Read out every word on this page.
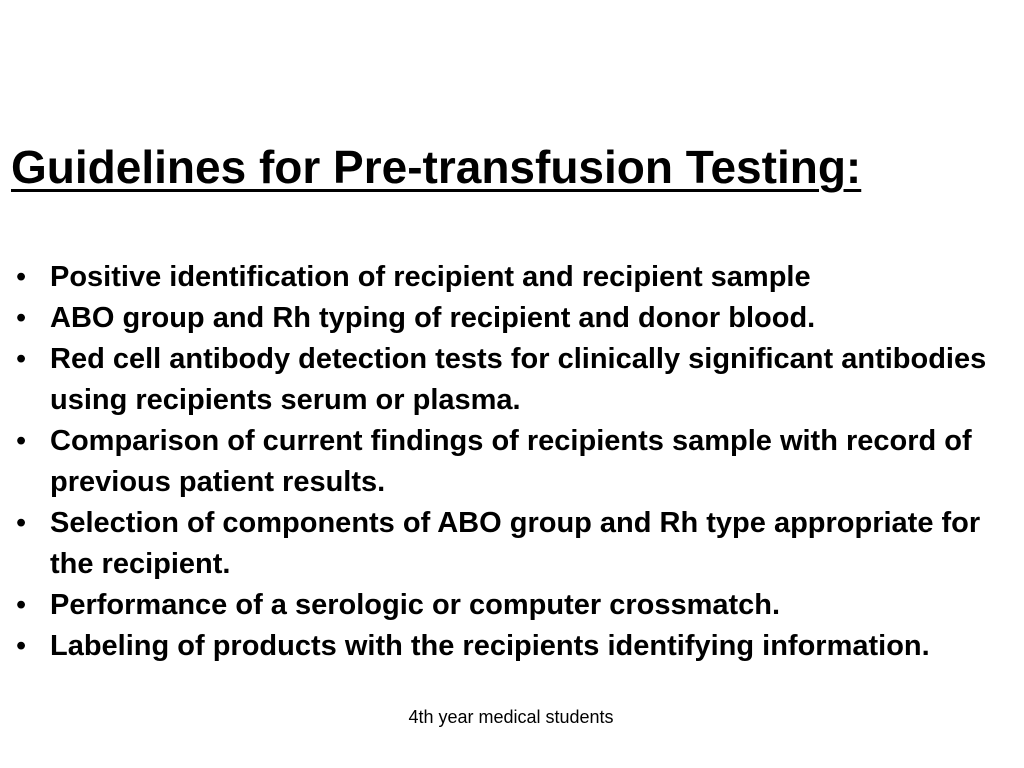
Guidelines for Pre-transfusion Testing:
• Positive identification of recipient and recipient sample
• ABO group and Rh typing of recipient and donor blood.
• Red cell antibody detection tests for clinically significant antibodies using recipients serum or plasma.
• Comparison of current findings of recipients sample with record of previous patient results.
• Selection of components of ABO group and Rh type appropriate for the recipient.
• Performance of a serologic or computer crossmatch.
• Labeling of products with the recipients identifying information.
4th year medical students
